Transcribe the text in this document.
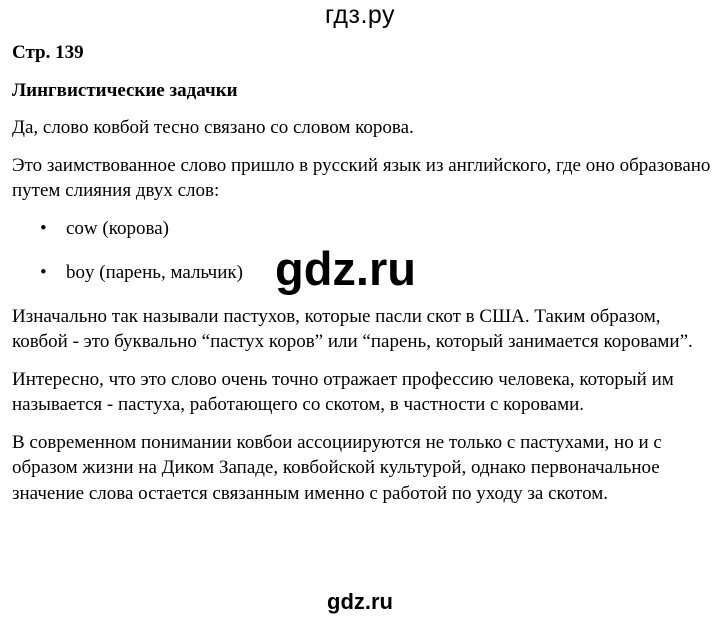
гдз.ру
Стр. 139
Лингвистические задачки

Да, слово ковбой тесно связано со словом корова.

Это заимствованное слово пришло в русский язык из английского, где оно образовано путем слияния двух слов:

• cow (корова)
• boy (парень, мальчик)

Изначально так называли пастухов, которые пасли скот в США. Таким образом, ковбой - это буквально “пастух коров” или “парень, который занимается коровами”.

Интересно, что это слово очень точно отражает профессию человека, который им называется - пастуха, работающего со скотом, в частности с коровами.

В современном понимании ковбои ассоциируются не только с пастухами, но и с образом жизни на Диком Западе, ковбойской культурой, однако первоначальное значение слова остается связанным именно с работой по уходу за скотом.

gdz.ru
gdz.ru
